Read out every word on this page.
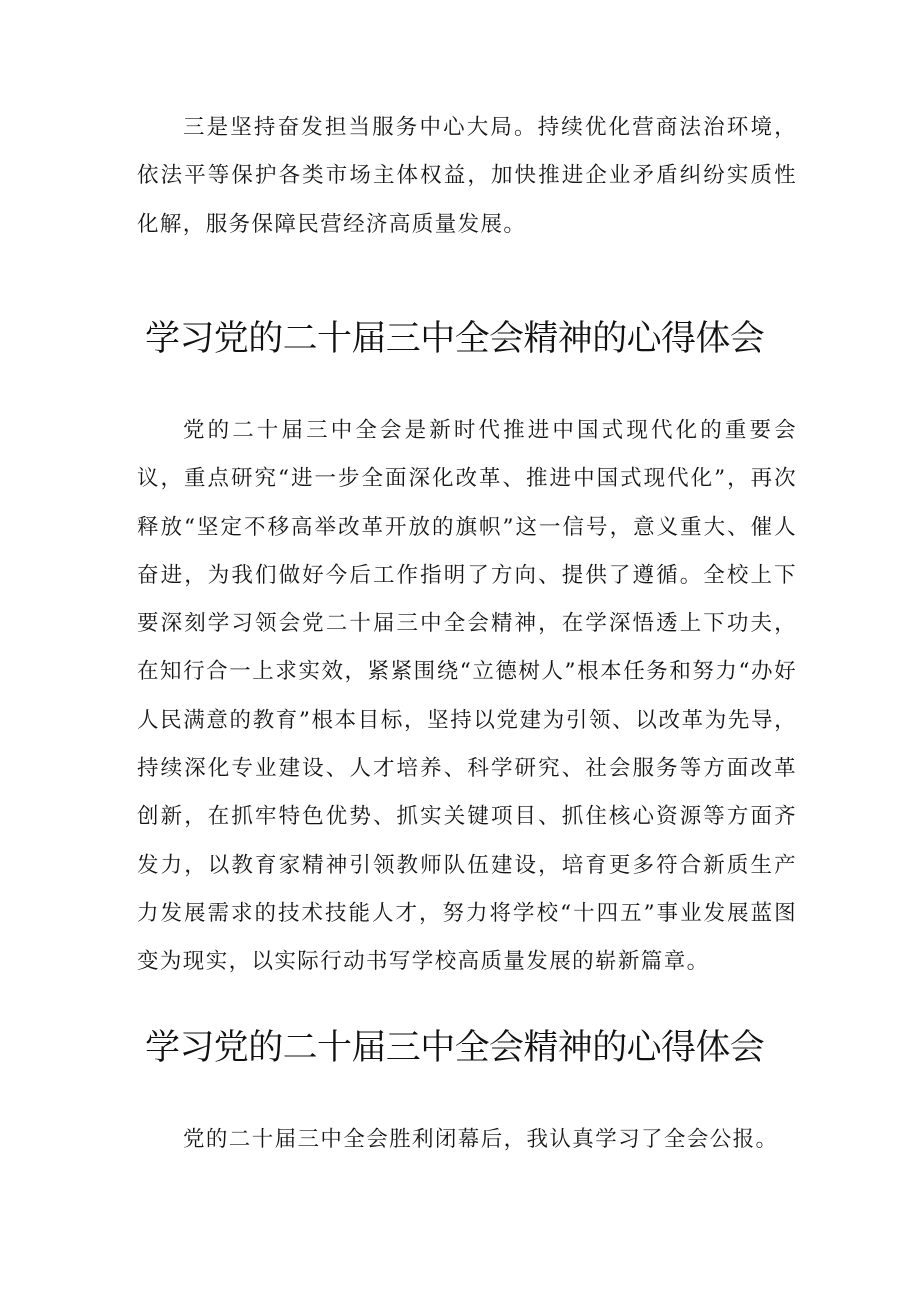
三是坚持奋发担当服务中心大局。持续优化营商法治环境，依法平等保护各类市场主体权益，加快推进企业矛盾纠纷实质性化解，服务保障民营经济高质量发展。

学习党的二十届三中全会精神的心得体会

党的二十届三中全会是新时代推进中国式现代化的重要会议，重点研究“进一步全面深化改革、推进中国式现代化”，再次释放“坚定不移高举改革开放的旗帜”这一信号，意义重大、催人奋进，为我们做好今后工作指明了方向、提供了遵循。全校上下要深刻学习领会党二十届三中全会精神，在学深悟透上下功夫，在知行合一上求实效，紧紧围绕“立德树人”根本任务和努力“办好人民满意的教育”根本目标，坚持以党建为引领、以改革为先导，持续深化专业建设、人才培养、科学研究、社会服务等方面改革创新，在抓牢特色优势、抓实关键项目、抓住核心资源等方面齐发力，以教育家精神引领教师队伍建设，培育更多符合新质生产力发展需求的技术技能人才，努力将学校“十四五”事业发展蓝图变为现实，以实际行动书写学校高质量发展的崭新篇章。

学习党的二十届三中全会精神的心得体会

党的二十届三中全会胜利闭幕后，我认真学习了全会公报。
